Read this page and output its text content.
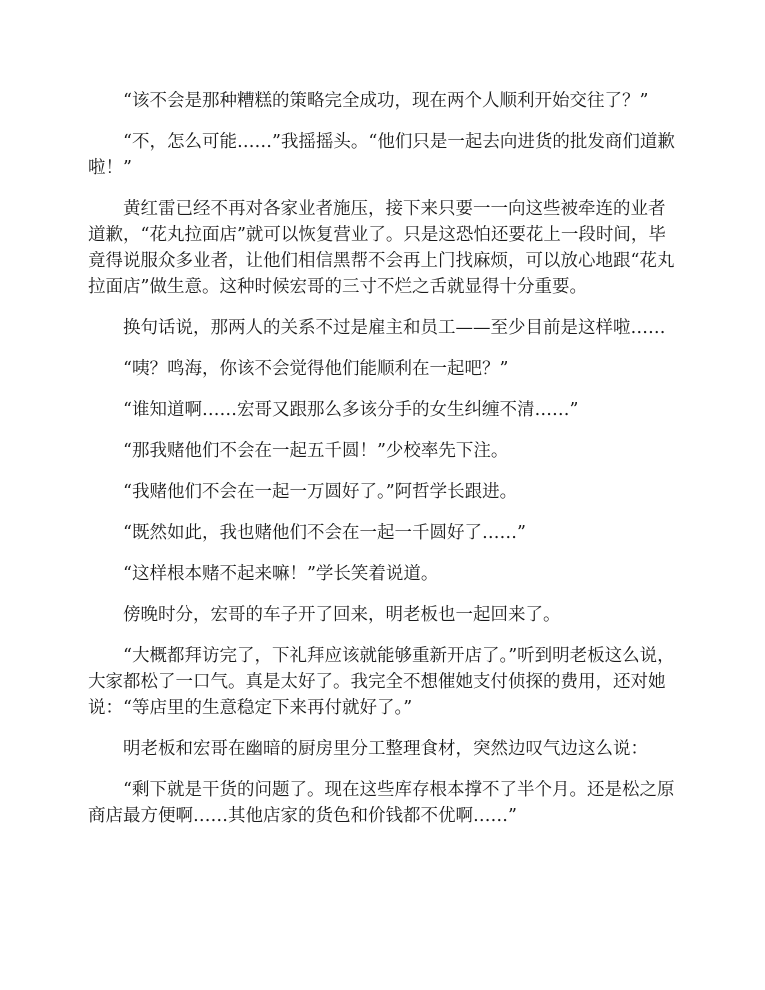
“该不会是那种糟糕的策略完全成功，现在两个人顺利开始交往了？”

“不，怎么可能……”我摇摇头。“他们只是一起去向进货的批发商们道歉啦！”

黄红雷已经不再对各家业者施压，接下来只要一一向这些被牵连的业者道歉，“花丸拉面店”就可以恢复营业了。只是这恐怕还要花上一段时间，毕竟得说服众多业者，让他们相信黑帮不会再上门找麻烦，可以放心地跟“花丸拉面店”做生意。这种时候宏哥的三寸不烂之舌就显得十分重要。

换句话说，那两人的关系不过是雇主和员工——至少目前是这样啦……

“咦？鸣海，你该不会觉得他们能顺利在一起吧？”

“谁知道啊……宏哥又跟那么多该分手的女生纠缠不清……”

“那我赌他们不会在一起五千圆！”少校率先下注。

“我赌他们不会在一起一万圆好了。”阿哲学长跟进。

“既然如此，我也赌他们不会在一起一千圆好了……”

“这样根本赌不起来嘛！”学长笑着说道。

傍晚时分，宏哥的车子开了回来，明老板也一起回来了。

“大概都拜访完了，下礼拜应该就能够重新开店了。”听到明老板这么说，大家都松了一口气。真是太好了。我完全不想催她支付侦探的费用，还对她说：“等店里的生意稳定下来再付就好了。”

明老板和宏哥在幽暗的厨房里分工整理食材，突然边叹气边这么说：

“剩下就是干货的问题了。现在这些库存根本撑不了半个月。还是松之原商店最方便啊……其他店家的货色和价钱都不优啊……”
